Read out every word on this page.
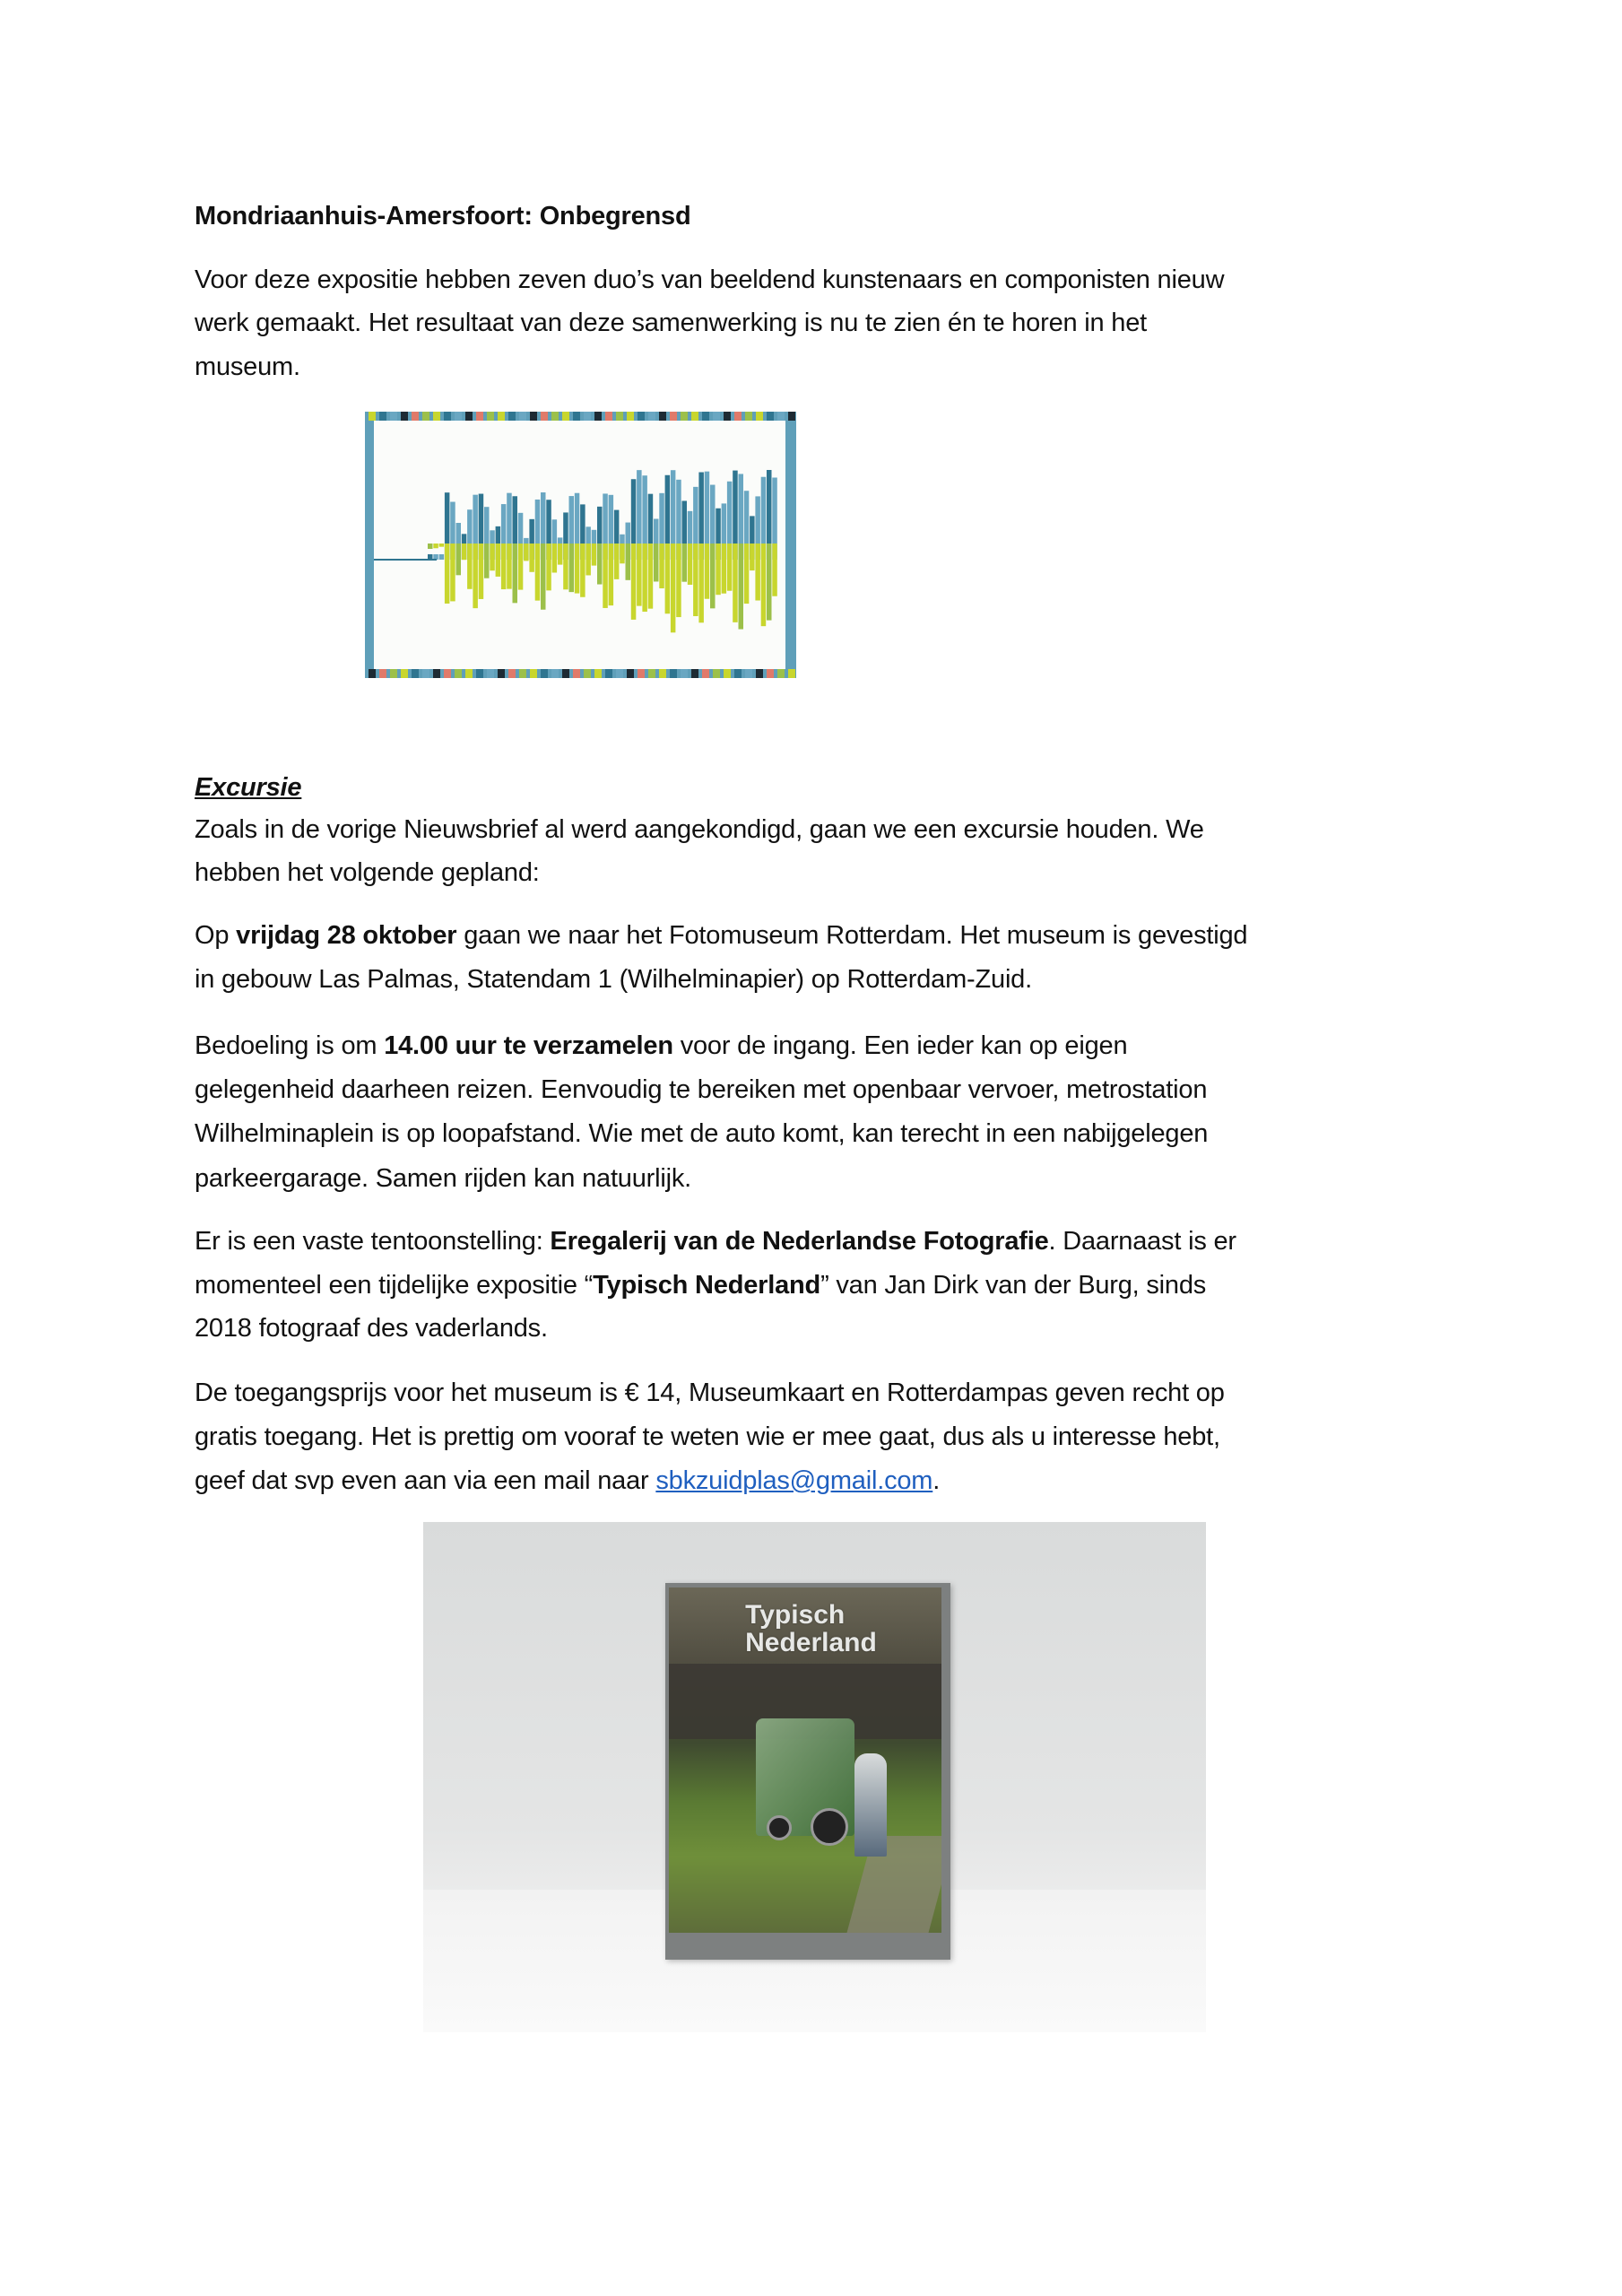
Mondriaanhuis-Amersfoort: Onbegrensd
Voor deze expositie hebben zeven duo’s van beeldend kunstenaars en componisten nieuw
werk gemaakt. Het resultaat van deze samenwerking is nu te zien én te horen in het
museum.
Excursie
Zoals in de vorige Nieuwsbrief al werd aangekondigd, gaan we een excursie houden. We
hebben het volgende gepland:
Op vrijdag 28 oktober gaan we naar het Fotomuseum Rotterdam. Het museum is gevestigd
in gebouw Las Palmas, Statendam 1 (Wilhelminapier) op Rotterdam-Zuid.
Bedoeling is om 14.00 uur te verzamelen voor de ingang. Een ieder kan op eigen
gelegenheid daarheen reizen. Eenvoudig te bereiken met openbaar vervoer, metrostation
Wilhelminaplein is op loopafstand. Wie met de auto komt, kan terecht in een nabijgelegen
parkeergarage. Samen rijden kan natuurlijk.
Er is een vaste tentoonstelling: Eregalerij van de Nederlandse Fotografie. Daarnaast is er
momenteel een tijdelijke expositie “Typisch Nederland” van Jan Dirk van der Burg, sinds
2018 fotograaf des vaderlands.
De toegangsprijs voor het museum is € 14, Museumkaart en Rotterdampas geven recht op
gratis toegang. Het is prettig om vooraf te weten wie er mee gaat, dus als u interesse hebt,
geef dat svp even aan via een mail naar sbkzuidplas@gmail.com.
Typisch
Nederland
